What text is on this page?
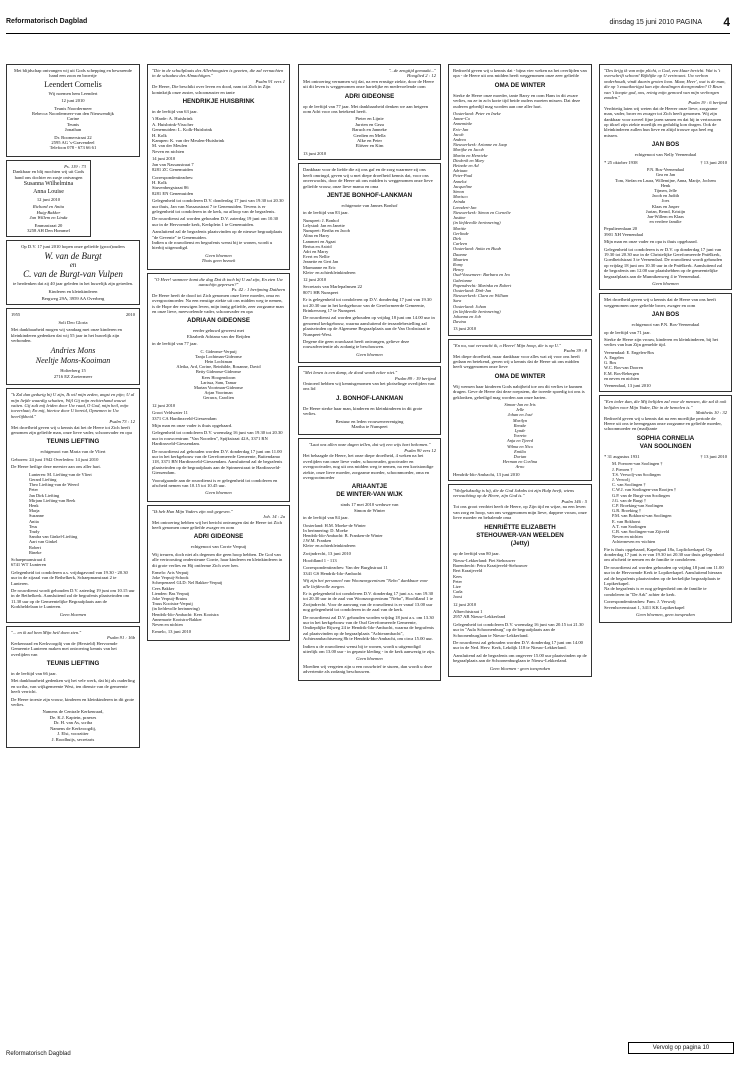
Reformatorisch Dagblad	dinsdag 15 juni 2010 PAGINA 4

Met blijdschap ontvangen wij uit Gods schepping en bewarende hand een zoon en broertje

Leendert Cornelis

Wij noemen hem Leendert

12 juni 2010

Teunis Noordermeer
Rebecca Noordermeer-van den Nieuwendijk
Carine
Teunis
Jonathan

Dr. Boomerstraat 22
2595 AG 's-Gravendeel
Telefoon 078 - 673 66 61

Ps. 119 : 73

Dankbaar en blij mochten wij uit Gods hand ons dochter en zusje ontvangen

Susanna Wilhelmina

Anna Louise

12 juni 2010

Richard en Anita
Huig-Bakker
Jan Willem en Linda

Emmastraat 20
3258 AH Den Hommel

Op D.V. 17 juni 2010 hopen onze geliefde (groot)ouders

W. van de Burgt

en

C. van de Burgt-van Vulpen

te herdenken dat zij 40 jaar geleden in het huwelijk zijn getreden.

Kinderen en kleinkinderen

Bergweg 29A, 3959 AA Overberg

1955	2010

Soli Deo Gloria

Met dankbaarheid mogen wij vandaag met onze kinderen en kleinkinderen gedenken dat wij 55 jaar in het huwelijk zijn verbonden.

Andries Mons

Neeltje Mons-Kooiman

Holterberg 15
2716 EZ Zoetermeer

"k Zal dan gedurig bij U zijn, Ik wil mijn zeden, angst en pijn; U al mijn liefde waardig schatten, Wijl Gij mijn rechterhand wouwt vatten. Gij zult mij leiden door Uw raad, O God, mijn heil, mijn toeverlaat; En mij, hiertoe door U bereid, Opnemen in Uw heerlijkheid."

Psalm 73 : 12

Met droefheid geven wij u kennis dat het de Heere tot Zich heeft genomen zijn geliefde man, onze lieve vader, schoonvader en opa

TEUNIS LIEFTING

echtgenoot van Maria van de Vliert

Geboren: 24 juni 1942 Overleden: 14 juni 2010

De Heere heilige deze meester aan ons aller hart.

Lunteren: M. Liefting-van de Vliert
Gerard Liefting
Theo Liefting-van de Weerd
Peter
Jan Dirk Liefting
Mirjam Liefting-van Beek
Henk
Marja
Suzanne
Anita
Teus
Trudy
Sandra van Ginkel-Liefting
Aart van Ginkel
Robert
Rineke

Schaepmanstraat 4
6741 WT Lunteren

Gelegenheid tot condoleren a.s. vrijdagavond van 19.30 - 20.30 uur in de zijzaal van de Bethelkerk, Schaepmanstraat 2 te Lunteren.

De rouwdienst wordt gehouden D.V. zaterdag 19 juni om 10.15 uur in de Bethelkerk. Aansluitend zal de begrafenis plaatsvinden om 11.30 uur op de Gemeentelijke Begraafplaats aan de Korkheldelaan te Lunteren.

Geen bloemen

"... en ik zal hem Mijn heil doen zien."

Psalm 91 : 16b

Kerkenraad en Kerkvoogdij van de (Hersteld) Hervormde Gemeente Lunteren maken met ontroering kennis van het overlijden van

TEUNIS LIEFTING

in de leeftijd van 66 jaar.

Met dankbaarheid gedenken wij het vele werk, dat hij als ouderling en scriba, van wijkgemeente West, ten dienste van de gemeente heeft verricht.

De Heere troeste zijn vrouw, kinderen en kleinkinderen in dit grote verlies.

Namens de Centrale Kerkenraad,
De. K.J. Kaptein, praeses
Dr. H. van As, scriba
Namens de Kerkvoogdij,
J. Elsi, voorzitter
J. Roodhuijs, secretaris

"Die in de schuilplaats des Allerhoogsten is gezeten, die zal vernachten in de schaduw des Almachtigen."

Psalm 91 vers 1

De Heere, Die beschikt over leven en dood, nam tot Zich in Zijn koninkrijk onze zuster, schoonzuster en tante

HENDRIKJE HUISBRINK

in de leeftijd van 63 jaar.

't Harde: A. Huisbrink
A. Huisbrink-Visscher
Genemuiden: L. Kolk-Huisbrink
H. Kolk
Kampen: K. van der Meulen-Huisbrink
M. van der Meulen
Neven en nichten

14 juni 2010

Jan van Nassaustraat 7
8281 ZC Genemuiden

Correspondentieadres:
H. Kolk
Stuvenbergstraat 86
8281 EN Genemuiden

Gelegenheid tot condoleren D.V. donderdag 17 juni van 19.30 tot 20.30 uur thuis, Jan van Nassaustraat 7 te Genemuiden. Tevens is er gelegenheid tot condoleren in de kerk, na afloop van de begrafenis.

De rouwdienst zal worden gehouden D.V. zaterdag 19 juni om 10.30 uur in de Hervormde kerk, Kerkplein 1 te Genemuiden.

Aansluitend zal de begrafenis plaatsvinden op de nieuwe begraafplaats "de Gevente" te Genemuiden.
Indien u de rouwdienst en begrafenis wenst bij te wonen, wordt u hierbij uitgenodigd.

Geen bloemen
Thuis geen bezoek

"O Heer! wanneer komt die dag Dat ik toch bij U zal zijn, En zien Uw aanschijn gepresen?"

Ps. 42 : 1 berijming Datheen

De Heere heeft de dood tot Zich genomen onze lieve moeder, oma en overgrootmoeder. Na een ernstige ziekte uit ons midden weg te nemen, is de Hope der eeuwigen leven, mijn innig geliefde, zeer zorgzame man en onze lieve, meevoelende vader, schoonvader en opa

ADRIAAN GIDEONSE

eerder gehuwd geweest met
Elizabeth Adriana van der Reijden

in de leeftijd van 77 jaar.

C. Gideonse-Verpuij
Tanja Lochtman-Gideonse
Hein Lochtman
Aleika, Ard, Corine, Reinhilde, Rosanne, David
Betty Gideonse-Gideonse
Kees Hoogendoorn
Larissa, Sam, Tamar
Martan Voortman-Gideonse
Arjan Voortman
Gerarra, Carolien

12 juni 2010

Groot Veldwater 11
3371 CA Hardinxveld-Giessendam

Mijn man en onze vader is thuis opgebaard.

Gelegenheid tot condoleren D.V. woensdag 16 juni van 19.30 tot 20.30 uur in rouwcentrum "Van Noorden", Spijkstraat 42A, 3371 RN Hardinxveld-Giessendam.

De rouwdienst zal gehouden worden D.V. donderdag 17 juni om 11.00 uur in het kerkgebouw van de Gereformeerde Gemeente, Buitendamo 118, 3371 BN Hardinxveld-Giessendam. Aansluitend zal de begrafenis plaatsvinden op de begraafplaats aan de Spinnerstraat te Hardinxveld-Giessendam.

Voorafgaande aan de rouwdienst is er gelegenheid tot condoleren en afscheid nemen van 10.15 tot 10.45 uur.

Geen bloemen

"Ik heb Hun Mijn Vaders zijn ook gegeven."

Joh. 14 : 2a

Met ontroering hebben wij het bericht ontvangen dat de Heere tot Zich heeft genomen onze geliefde zwager en oom

ADRI GIDEONSE

echtgenoot van Corrie Verpuij

Wij treuren, doch niet als degenen die geen hoop hebben. De God van alle vertroosting ondersteune Corrie, haar kinderen en kleinkinderen in dit grote verlies en Hij ontferme Zich over hen.

Ermelo: Aris Verpuij
Joke Verpuij-Schook
Scherpenzeel GLD: Nel Bakker-Verpuij
Cees Bakker
Lienden: Bas Verpuij
Joke Verpuij-Bruins
Truus Kooistra-Verpuij
(in liefdevolle herinnering)
Hendrik-Ido-Ambacht: Kees Kooistra
Annemarie Kooistra-Bakker
Neven en nichten

Ermelo, 13 juni 2010

"...de zengtijd gemaakt..."

Hooglied 2 : 12

Met ontroering vernamen wij dat, na een ernstige ziekte, door de Heere uit dit leven is weggenomen onze hartelijke en medevoelende oom

ADRI GIDEONSE

op de leeftijd van 77 jaar. Met dankbaarheid denken we aan hetgeen oom Adri voor ons betekend heeft.

Pieter en Lijnie
Jurrien en Geza
Baruch en Janneke
Gerdien en Mella
Alke en Peter
Eliëzer en Kim

13 juni 2010

Dankbaar voor de liefde die zij ons gaf en de zorg waarmee zij ons heeft omringd, geven wij u met diepe droefheid kennis dat, voor ons onverwachts, door de Heere uit ons midden is weggenomen onze lieve geliefde vrouw, onze lieve mama en oma

JENTJE BONHOF-LANKMAN

echtgenote van Jannes Bonhof

in de leeftijd van 83 jaar.

Nunspeet: J. Bonhof
Lelystad: Jan en Janette
Nunspeet: Bertha en Jacob
Alina en Harry
Lammert en Agaat
Bertus en Astrid
Adri en Marry
Evert en Nellie
Jeanette en Gert Jan
Marmanne en Eric
Klein- en achterkleinkinderen

12 juni 2010

Secretaris van Marlepalmsen 22
8071 HB Nunspeet

Er is gelegenheid tot condoleren op D.V. donderdag 17 juni van 19.30 tot 20.30 uur in het kerkgebouw van de Gereformeerde Gemeente, Brinkersweg 17 te Nunspeet.

De rouwdienst zal worden gehouden op vrijdag 18 juni om 14.00 uur in genoemd kerkgebouw, waarna aansluitend de teraardebestelling zal plaatsvinden op de Algemene Begraafplaats aan de Van Oosbstraat te Nunspeet-West.

Degene die geen rouwkaart heeft ontvangen, gelieve deze rouwadvertentie als zodanig te beschouwen.

Geen bloemen

"Met lenen is een damp, de dood wordt ecker niet."

Psalm 89 : 19 berijmd

Ontroerd hebben wij kennisgenomen van het plotselinge overlijden van ons lid

J. BONHOF-LANKMAN

De Heere sterke haar man, kinderen en kleinkinderen in dit grote verlies.

Bestuur en leden vrouwenvereniging
Martha te Nunspeet

"Laat ons allen onze dagen tellen, dat wij een wijs hart bekomen."

Psalm 90 vers 12

Het behaagde de Heere, het onze diepe droefheid, 4 weken na het overlijden van onze lieve vader, schoonvader, grootvader en overgrootvader, nog uit ons midden weg te nemen, na een kortstondige ziekte, onze lieve moeder, zorgzame moeder, schoonmoeder, oma en overgrootmoeder

ARIAANTJE

DE WINTER-VAN WIJK

sinds 17 mei 2010 weduwe van
Simon de Winter

in de leeftijd van 84 jaar.

Oosterland: H.M. Moeke-de Winter
In herinnering: D. Moeke
Hendrik-Ido-Ambacht: B. Franken-de Winter
J.W.M. Franken
Klein- en achterkleinkinderen

Zwijndrecht, 13 juni 2010

Hoofdland 1 - 113

Correspondentieadres: Van der Burghstraat 11
3341 GS Hendrik-Ido-Ambacht

Wij zijn het personeel van Woonzorgcentrum "Nebo" dankbaar voor alle liefdevolle zorgen.

Er is gelegenheid tot condoleren D.V. donderdag 17 juni a.s. van 19.30 tot 20.30 uur in de zaal van Woonzorgcentrum "Nebo", Hoofdland 1 te Zwijndrecht. Voor de aanvang van de rouwdienst is er vanaf 13.00 uur nog gelegenheid tot condoleren in de zaal van de kerk.

De rouwdienst zal D.V. gehouden worden vrijdag 18 juni a.s. om 13.30 uur in het kerkgebouw van de Oud Gereformeerde Gemeente, Ondiepdijke Rijweg 24 te Hendrik-Ido-Ambacht, waarna de begrafenis zal plaatsvinden op de begraafplaats "Achterambacht", Achterambachtseweg 8b te Hendrik-Ido-Ambacht, om circa 15.00 uur.

Indien u de rouwdienst wenst bij te wonen, wordt u uitgenodigd uiterlijk om 13.00 uur - in gepaste kleding - in de kerk aanwezig te zijn.

Geen bloemen

Moedten wij vergeten zijn u een rouwbrief te sturen, dan wordt u deze advertentie als zodanig beschouwen.

Bedroefd geven wij u kennis dat - bijna vier weken na het overlijden van opa - de Heere uit ons midden heeft weggenomen onze zeer geliefde

OMA DE WINTER

Sterke de Heere onze moeder, tante Barry en oom Hans in dit zware verlies, nu ze in zo'n korte tijd beide ouders moeten missen. Dat deze ouderen gebedijl mag worden aan one aller hart.

Oosterland: Peter en Ineke
Janne-Co
Annemieke
Eric-Jan
Jacob
Andrea
Nieuwerkerk: Arianne en Jaap
Marijke en Jacob
Martin en Henrieke
Diederik en Mary
Heineke en Ad
Adriaan
Peter-Paul
Annelot
Jacqueline
Simon
Marisco
Arinda
Leendert-Jan
Nieuwerkerk: Simon en Cornelie
Justine
(in liefdevolle herinnering)
Maritie
Gerlinde
Dirk
Carleen
Oosterland: Anita en Huub
Daanne
Maarten
Romy
Henry
Oud-Vossemeer: Barbara en Ivo
Gabrianne
Papendrecht: Marinka en Robert
Oosterland: Dirk-Jan
Nieuwerkerk: Clara en William
Sara
Oosterland: Johan
(in liefdevolle herinnering)
Johanna en Job
Davina

13 juni 2010

"En nu, wat verwacht ik, o Heere! Mijn hoop, die is op U."

Psalm 39 : 8

Met diepe droefheid, maar dankbaar voor alles wat zij voor ons heeft gedaan en betekend, geven wij u kennis dat de Heere uit ons midden heeft weggenomen onze lieve

OMA DE WINTER

Wij wensen haar kinderen Gods nabijheid toe om dit verlies te kunnen dragen. Geve de Heere dat deze roepstem, die tweede spoedig tot ons is geklonken, geheiligd mag worden aan onze harten.

Simon-Jan en Iris
Jelle
Johan en José
Marilyn
Renske
Lynde
Yorrein
Anja en Tjeerd
Wilma en Nico
Emilia
Dorian
Herman en Corlina
Arno

Hendrik-Ido-Ambacht, 13 juni 2010

"Welgelukzalig is hij, die de God Jakobs tot zijn Hulp heeft, wiens verwachting op de Heere, zijn God is."

Psalm 146 : 5

Tot ons groot verdriet heeft de Heere, op Zijn tijd en wijze, na een leven van zorg en hoop, van ons weggenomen mijn lieve, dappere vrouw, onze lieve moeder en behalende oma

HENRIËTTE ELIZABETH

STEHOUWER-VAN WEELDEN

(Jetty)

op de leeftijd van 80 jaar.

Nieuw-Lekkerland: Piet Stehouwer
Barendrecht: Petra Kraaijeveld-Stehouwer
Bert Kraaijeveld
Kees
Peter
Lize
Carla
Joost

12 juni 2010

Albrechtstraat 1
2957 AB Nieuw-Lekkerland

Gelegenheid tot condoleren D.V. woensdag 16 juni van 20.15 tot 21.30 uur in "Aula Schoonenburg" op de begraafplaats aan de Schoonenburglaan te Nieuw-Lekkerland.

De rouwdienst zal gehouden worden D.V. donderdag 17 juni om 14.00 uur in de Ned. Herv. Kerk, Lekdijk 118 te Nieuw-Lekkerland.

Aansluitend zal de begrafenis om ongeveer 15.00 uur plaatsvinden op de begraafplaats aan de Schoonenburglaan te Nieuw-Lekkerland.

Geen bloemen - geen toespraken

"Des krijg ik van mijn plicht, o God, een klaar bericht. Wat is 't overschrift schoon! Bijblijke op U vertrouwt. Uw verbon onderhoudt, vindt daarin groten loon. Maar, Heer', wat is de man, die op 't zouaikortigst kan zijn dwalingen doorgronden? O Reun van 't koopte god, ons, reinig mijn gemoed van mijn verborgen zonden."

Psalm 19 : 6 berijmd

Verdrietig laten wij weten dat de Heerer onze lieve, zorgzame man, vader, broer en zwager tot Zich heeft genomen. Wij zijn dankbaar voor zoveel fijne jaren samen en dat hij in vertrouwen op tiksel zijn ziekte moeilijk en geduldig kon dragen. Ook de kleinkinderen zullen hun lieve en altijd trouwe opa heel erg missen.

JAN BOS

echtgenoot van Nelly Veenendaal

* 25 oktober 1938	† 13 juni 2010

P.N. Bos-Veenendaal
Gea en Jan
Tom, Stefan en Laura, Willemijne, Anna, Marije, Jochem
Henk
Tijmen, Jelle
Jacob en Judith
Joes
Klaas en Jasper
Jurian, Bernd, Kristijn
Jan-Willem en Klaas
en verdere familie

Pepulierenlaan 20
3901 XH Veenendaal

Mijn man en onze vader en opa is thuis opgebaard.

Gelegenheid tot condoleren is er D.V. op donderdag 17 juni van 19.30 tot 20.30 uur in de Christelijke Gereformeerde Pniëlkerk, Goedheidstraat 3 te Veenendaal. De rouwdienst wordt gehouden op vrijdag 18 juni om 10.30 uur in de Pniëlkerk. Aansluitend zal de begrafenis om 12.00 uur plaatshebben op de gemeentelijke begraafplaats aan de Munnikenweg 4 te Veenendaal.

Geen bloemen

Met droefheid geven wij u kennis dat de Heere van ons heeft weggenomen onze geliefde broer, zwager en oom

JAN BOS

echtgenoot van P.N. Bos-Veenendaal

op de leeftijd van 71 jaar.

Sterke de Heere zijn vrouw, kinderen en kleinkinderen, bij het verlies van hun Zijn gemelde tijd.

Veenendaal: E. Engelen-Bos
A. Engelen
G. Bos
W.C. Bos-van Dooren
E.M. Bos-Rebergen
en neven en nichten

Veenendaal, 13 juni 2010

"Een ieder dan, die Mij belijden zal voor de mensen, die zal ik ook belijden voor Mijn Vader, Die in de hemelen is."

Mattheüs 10 : 32

Bedroefd geven wij u kennis dat na een moeilijke periode de Heere uit ons te heengegaan onze zorgzame en geliefde moeder, schoonmoeder en (mad)tante

SOPHIA CORNELIA

VAN SOOLINGEN

* 31 augustus 1931	† 13 juni 2010

M. Poeroen-van Soolingen †
J. Pieroen †
T.S. Verwolj-van Soolingen
J. Verwolj
C. van Soolingen †
C.W.J. van Soolingen-van Rooijen †
G.P. van de Burgt-van Soolingen
J.G. van de Burgt †
C.P. Broeking-van Soolingen
G.R. Broeking †
P.M. van Bokhorst-van Soolingen
E. van Bokhorst
A.T. van Soolingen
C.B. van Soolingen-van Zijtveld
Neven en nichten
Achterneven en -nichten

Fie is thuis opgebaard, Kapelspad 18a, Loplickerkapel. Op donderdag 17 juni is er van 19.30 tot 20.30 uur thuis gelegenheid om afscheid te nemen en de familie te condoleren.

De rouwdienst zal worden gehouden op vrijdag 18 juni om 11.00 uur in de Hervormde Kerk te Lopikerkapel. Aansluitend hieraan zal de begrafenis plaatsvinden op de kerkelijke begraafplaats te Lopikerkapel.
Na de begrafenis is er nog gelegenheid om de familie te condoleren in "De Ark" achter de kerk.

Correspondentieadres: Fam. J. Verwolj
Sevenhovenstraat 1, 3411 KK Lopikerkapel

Geen bloemen, geen toespraken

Vervolg op pagina 10
Reformatorisch Dagblad
